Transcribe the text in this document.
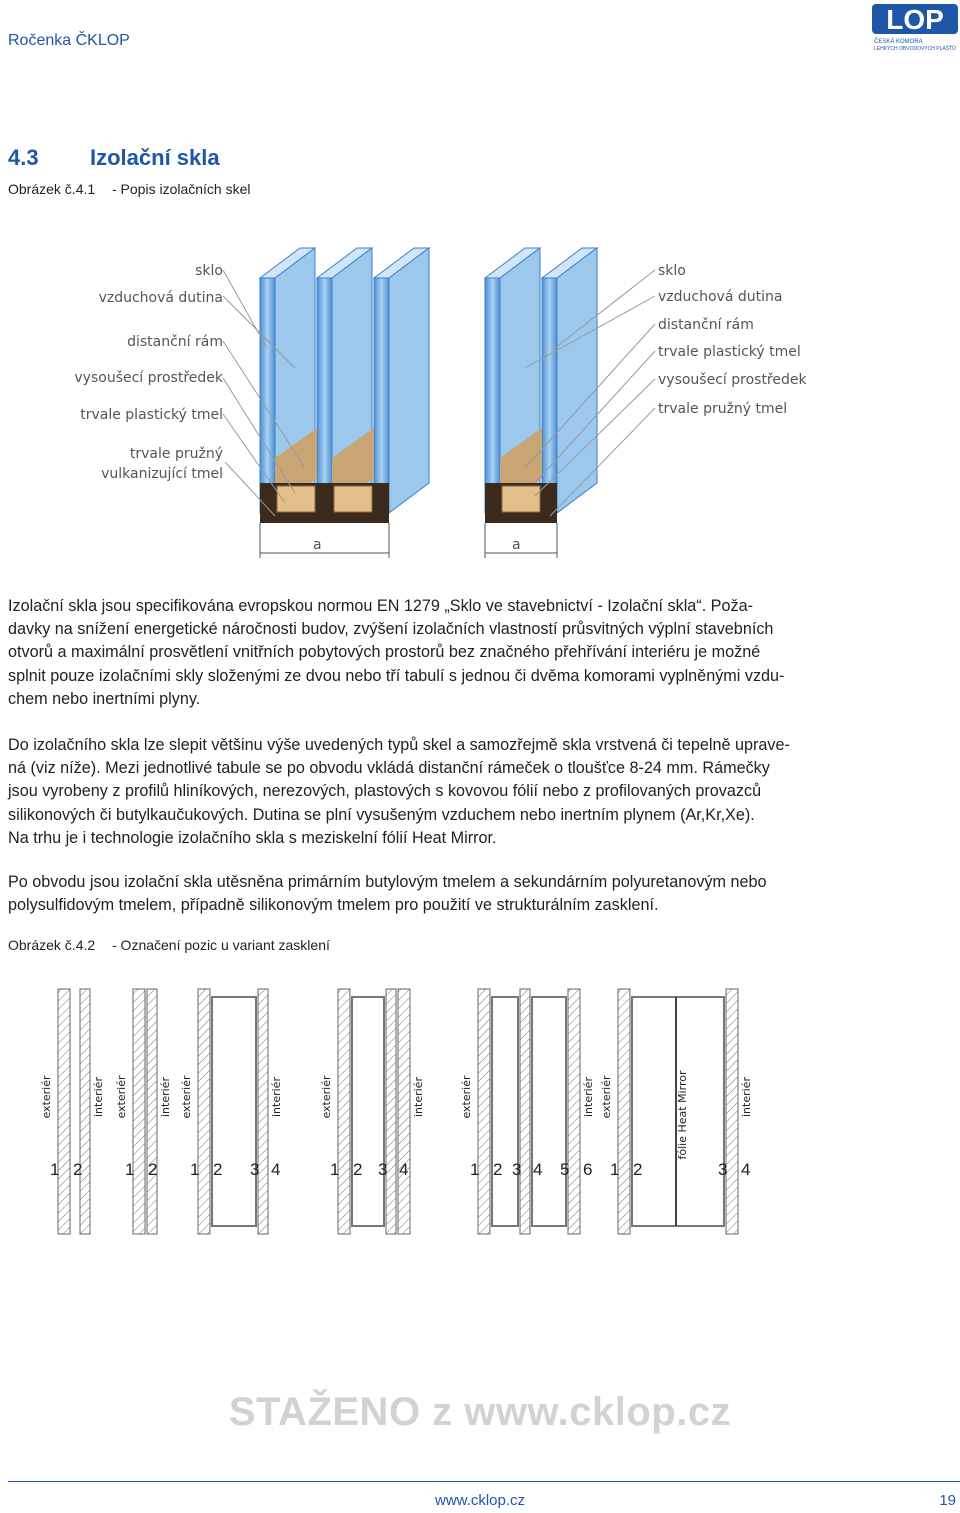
Ročenka ČKLOP
LOP
ČESKÁ KOMORA
LEHKÝCH OBVODOVÝCH PLÁŠŤŮ
4.3 Izolační skla
Obrázek č.4.1 - Popis izolačních skel
sklo
vzduchová dutina
distanční rám
vysoušecí prostředek
trvale plastický tmel
trvale pružný
vulkanizující tmel
sklo
vzduchová dutina
distanční rám
trvale plastický tmel
vysoušecí prostředek
trvale pružný tmel
a	a
Izolační skla jsou specifikována evropskou normou EN 1279 „Sklo ve stavebnictví - Izolační skla“. Poža-
davky na snížení energetické náročnosti budov, zvýšení izolačních vlastností průsvitných výplní stavebních
otvorů a maximální prosvětlení vnitřních pobytových prostorů bez značného přehřívání interiéru je možné
splnit pouze izolačními skly složenými ze dvou nebo tří tabulí s jednou či dvěma komorami vyplněnými vzdu-
chem nebo inertními plyny.
Do izolačního skla lze slepit většinu výše uvedených typů skel a samozřejmě skla vrstvená či tepelně uprave-
ná (viz níže). Mezi jednotlivé tabule se po obvodu vkládá distanční rámeček o tloušťce 8-24 mm. Rámečky
jsou vyrobeny z profilů hliníkových, nerezových, plastových s kovovou fólií nebo z profilovaných provazců
silikonových či butylkaučukových. Dutina se plní vysušeným vzduchem nebo inertním plynem (Ar,Kr,Xe).
Na trhu je i technologie izolačního skla s meziskelní fólií Heat Mirror.
Po obvodu jsou izolační skla utěsněna primárním butylovým tmelem a sekundárním polyuretanovým nebo
polysulfidovým tmelem, případně silikonovým tmelem pro použití ve strukturálním zasklení.
Obrázek č.4.2 - Označení pozic u variant zasklení
exteriér	interiér
1 2
exteriér	interiér
1 2
exteriér	interiér
1 2 3 4
exteriér	interiér
1 2 3 4
exteriér	interiér
1 2 3 4 5 6
fólie Heat Mirror
exteriér	interiér
1 2	3 4
STAŽENO z www.cklop.cz
www.cklop.cz	19
